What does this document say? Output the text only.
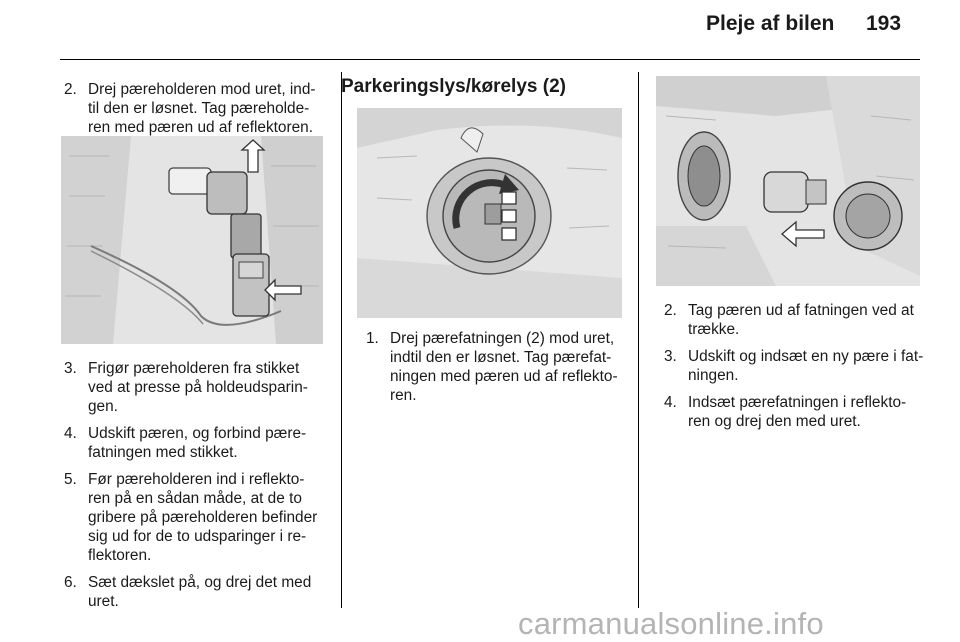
Pleje af bilen 193
2. Drej pæreholderen mod uret, ind-
til den er løsnet. Tag pæreholde-
ren med pæren ud af reflektoren.
3. Frigør pæreholderen fra stikket
ved at presse på holdeudsparin-
gen.
4. Udskift pæren, og forbind pære-
fatningen med stikket.
5. Før pæreholderen ind i reflekto-
ren på en sådan måde, at de to
gribere på pæreholderen befinder
sig ud for de to udsparinger i re-
flektoren.
6. Sæt dækslet på, og drej det med
uret.
Parkeringslys/kørelys (2)
1. Drej pærefatningen (2) mod uret,
indtil den er løsnet. Tag pærefat-
ningen med pæren ud af reflekto-
ren.
2. Tag pæren ud af fatningen ved at
trække.
3. Udskift og indsæt en ny pære i fat-
ningen.
4. Indsæt pærefatningen i reflekto-
ren og drej den med uret.
carmanualsonline.info
